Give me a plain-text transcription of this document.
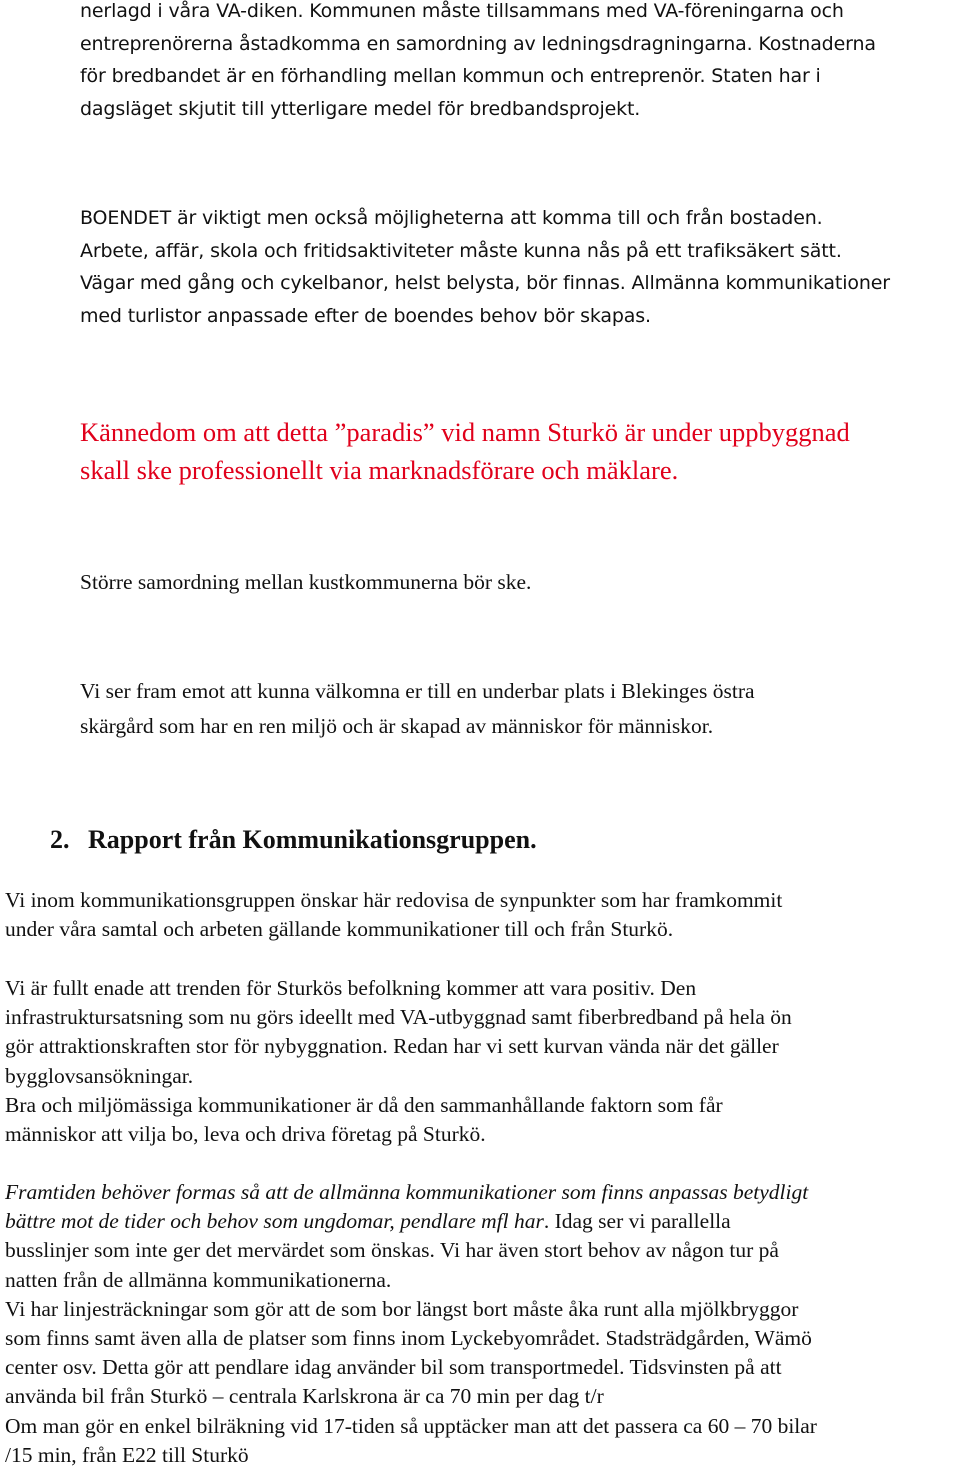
nerlagd i våra VA-diken. Kommunen måste tillsammans med VA-föreningarna och
entreprenörerna åstadkomma en samordning av ledningsdragningarna. Kostnaderna
för bredbandet är en förhandling mellan kommun och entreprenör. Staten har i
dagsläget skjutit till ytterligare medel för bredbandsprojekt.
BOENDET är viktigt men också möjligheterna att komma till och från bostaden.
Arbete, affär, skola och fritidsaktiviteter måste kunna nås på ett trafiksäkert sätt.
Vägar med gång och cykelbanor, helst belysta, bör finnas. Allmänna kommunikationer
med turlistor anpassade efter de boendes behov bör skapas.
Kännedom om att detta ”paradis” vid namn Sturkö är under uppbyggnad
skall ske professionellt via marknadsförare och mäklare.
Större samordning mellan kustkommunerna bör ske.
Vi ser fram emot att kunna välkomna er till en underbar plats i Blekinges östra
skärgård som har en ren miljö och är skapad av människor för människor.
2. Rapport från Kommunikationsgruppen.
Vi inom kommunikationsgruppen önskar här redovisa de synpunkter som har framkommit
under våra samtal och arbeten gällande kommunikationer till och från Sturkö.
Vi är fullt enade att trenden för Sturkös befolkning kommer att vara positiv. Den
infrastruktursatsning som nu görs ideellt med VA-utbyggnad samt fiberbredband på hela ön
gör attraktionskraften stor för nybyggnation. Redan har vi sett kurvan vända när det gäller
bygglovsansökningar.
Bra och miljömässiga kommunikationer är då den sammanhållande faktorn som får
människor att vilja bo, leva och driva företag på Sturkö.
Framtiden behöver formas så att de allmänna kommunikationer som finns anpassas betydligt
bättre mot de tider och behov som ungdomar, pendlare mfl har. Idag ser vi parallella
busslinjer som inte ger det mervärdet som önskas. Vi har även stort behov av någon tur på
natten från de allmänna kommunikationerna.
Vi har linjesträckningar som gör att de som bor längst bort måste åka runt alla mjölkbryggor
som finns samt även alla de platser som finns inom Lyckebyområdet. Stadsträdgården, Wämö
center osv. Detta gör att pendlare idag använder bil som transportmedel. Tidsvinsten på att
använda bil från Sturkö – centrala Karlskrona är ca 70 min per dag t/r
Om man gör en enkel bilräkning vid 17-tiden så upptäcker man att det passera ca 60 – 70 bilar
/15 min, från E22 till Sturkö
